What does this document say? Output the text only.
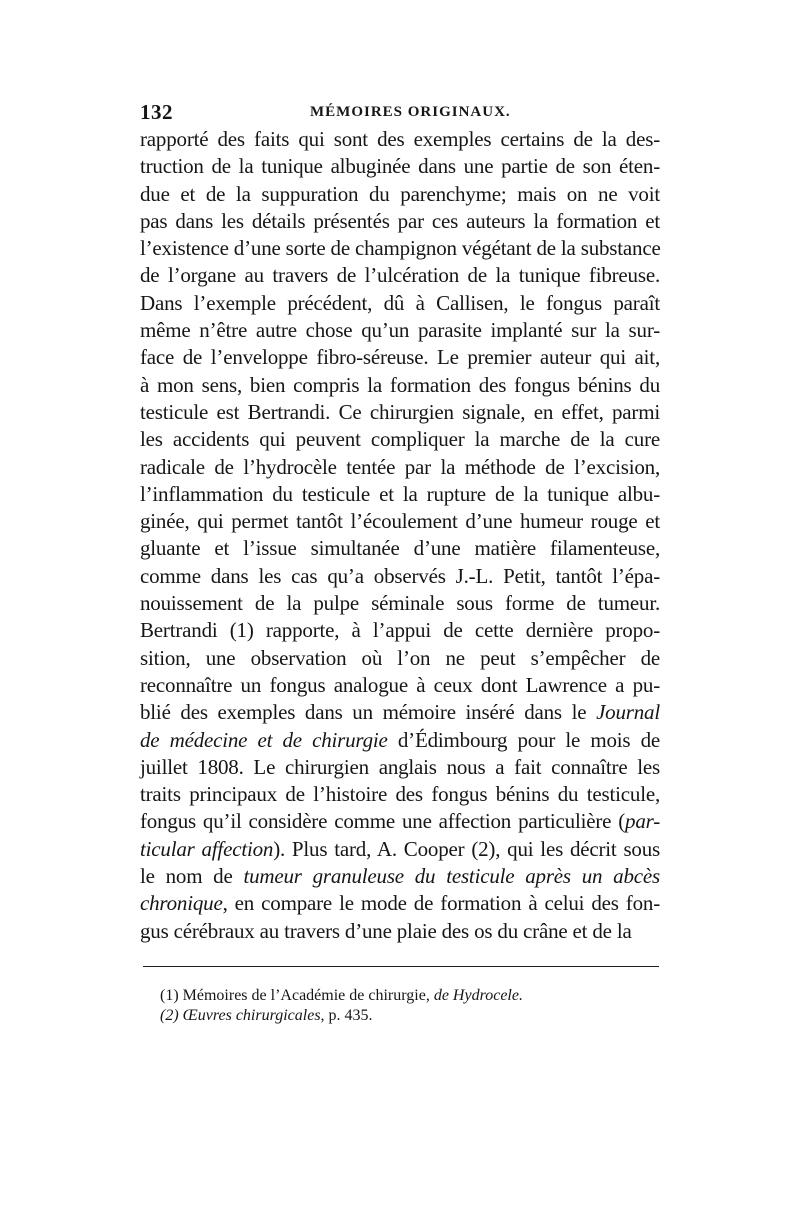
132	MÉMOIRES ORIGINAUX.
rapporté des faits qui sont des exemples certains de la des-
truction de la tunique albuginée dans une partie de son éten-
due et de la suppuration du parenchyme; mais on ne voit
pas dans les détails présentés par ces auteurs la formation et
l’existence d’une sorte de champignon végétant de la substance
de l’organe au travers de l’ulcération de la tunique fibreuse.
Dans l’exemple précédent, dû à Callisen, le fongus paraît
même n’être autre chose qu’un parasite implanté sur la sur-
face de l’enveloppe fibro-séreuse. Le premier auteur qui ait,
à mon sens, bien compris la formation des fongus bénins du
testicule est Bertrandi. Ce chirurgien signale, en effet, parmi
les accidents qui peuvent compliquer la marche de la cure
radicale de l’hydrocèle tentée par la méthode de l’excision,
l’inflammation du testicule et la rupture de la tunique albu-
ginée, qui permet tantôt l’écoulement d’une humeur rouge et
gluante et l’issue simultanée d’une matière filamenteuse,
comme dans les cas qu’a observés J.-L. Petit, tantôt l’épa-
nouissement de la pulpe séminale sous forme de tumeur.
Bertrandi (1) rapporte, à l’appui de cette dernière propo-
sition, une observation où l’on ne peut s’empêcher de
reconnaître un fongus analogue à ceux dont Lawrence a pu-
blié des exemples dans un mémoire inséré dans le Journal
de médecine et de chirurgie d’Édimbourg pour le mois de
juillet 1808. Le chirurgien anglais nous a fait connaître les
traits principaux de l’histoire des fongus bénins du testicule,
fongus qu’il considère comme une affection particulière (par-
ticular affection). Plus tard, A. Cooper (2), qui les décrit sous
le nom de tumeur granuleuse du testicule après un abcès
chronique, en compare le mode de formation à celui des fon-
gus cérébraux au travers d’une plaie des os du crâne et de la
(1) Mémoires de l’Académie de chirurgie, de Hydrocele.
(2) Œuvres chirurgicales, p. 435.
